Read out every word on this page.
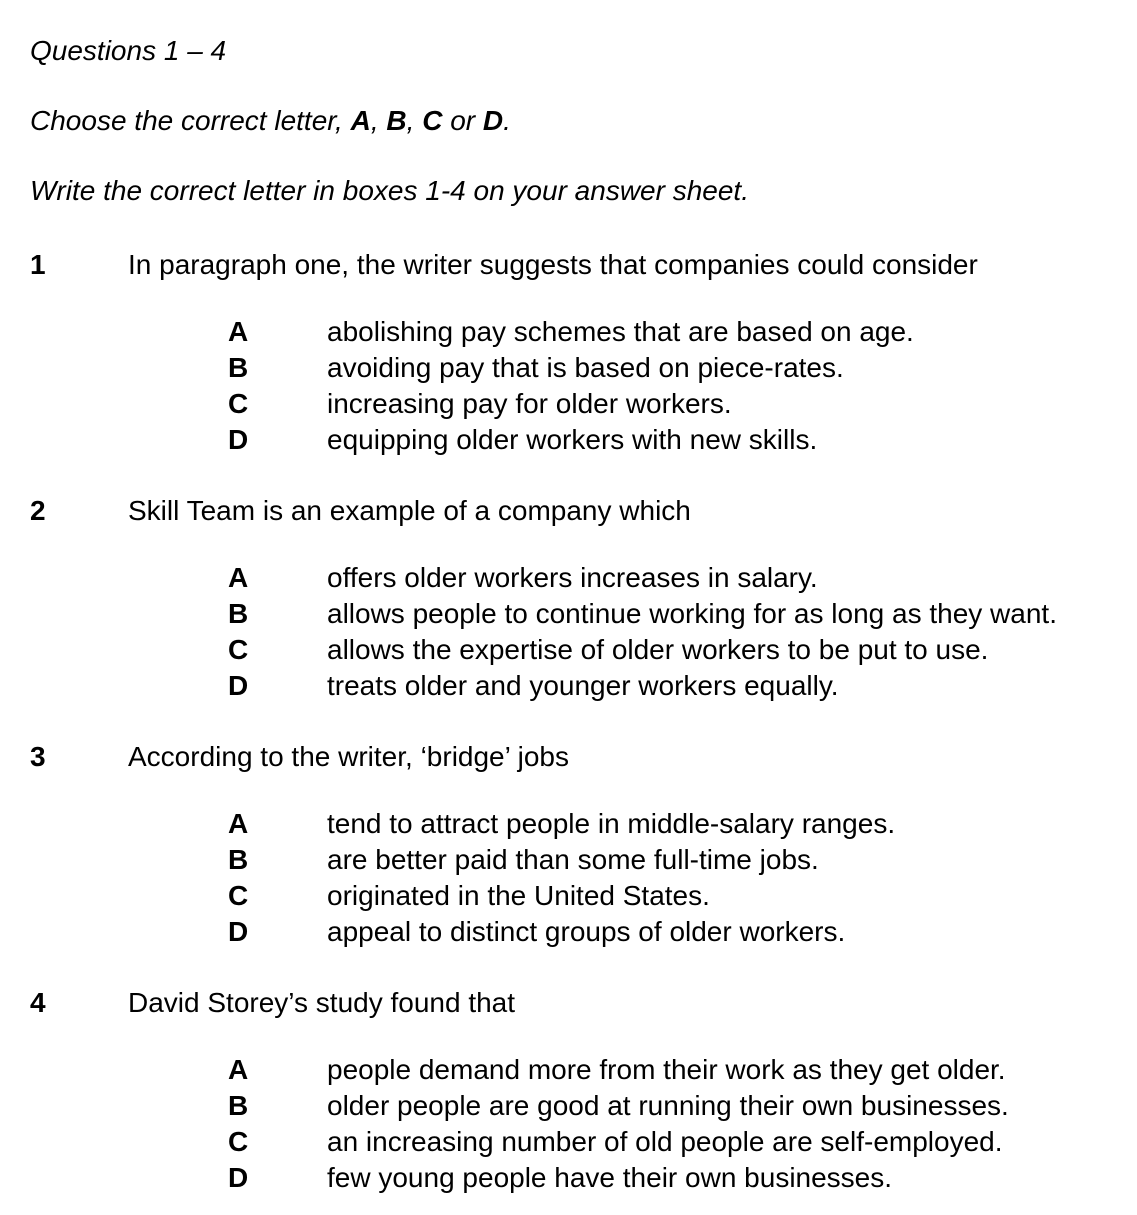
Questions 1 – 4
Choose the correct letter, A, B, C or D.
Write the correct letter in boxes 1-4 on your answer sheet.
1	In paragraph one, the writer suggests that companies could consider
A	abolishing pay schemes that are based on age.
B	avoiding pay that is based on piece-rates.
C	increasing pay for older workers.
D	equipping older workers with new skills.
2	Skill Team is an example of a company which
A	offers older workers increases in salary.
B	allows people to continue working for as long as they want.
C	allows the expertise of older workers to be put to use.
D	treats older and younger workers equally.
3	According to the writer, ‘bridge’ jobs
A	tend to attract people in middle-salary ranges.
B	are better paid than some full-time jobs.
C	originated in the United States.
D	appeal to distinct groups of older workers.
4	David Storey’s study found that
A	people demand more from their work as they get older.
B	older people are good at running their own businesses.
C	an increasing number of old people are self-employed.
D	few young people have their own businesses.
